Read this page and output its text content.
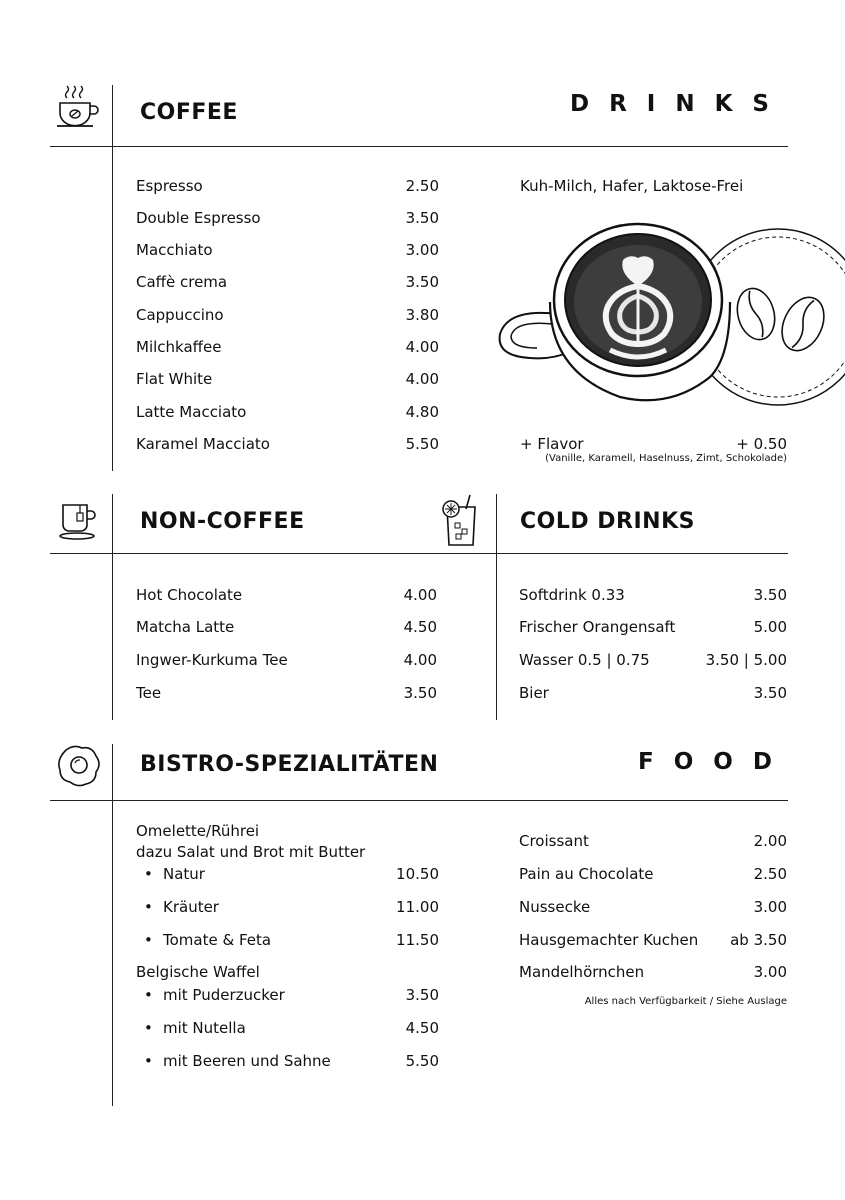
COFFEE	DRINKS
Espresso	2.50
Double Espresso	3.50
Macchiato	3.00
Caffè crema	3.50
Cappuccino	3.80
Milchkaffee	4.00
Flat White	4.00
Latte Macciato	4.80
Karamel Macciato	5.50
Kuh-Milch, Hafer, Laktose-Frei
+ Flavor	+ 0.50
(Vanille, Karamell, Haselnuss, Zimt, Schokolade)
NON-COFFEE	COLD DRINKS
Hot Chocolate	4.00
Matcha Latte	4.50
Ingwer-Kurkuma Tee	4.00
Tee	3.50
Softdrink 0.33	3.50
Frischer Orangensaft	5.00
Wasser 0.5 | 0.75	3.50 | 5.00
Bier	3.50
BISTRO-SPEZIALITÄTEN	FOOD
Omelette/Rührei
dazu Salat und Brot mit Butter
• Natur	10.50
• Kräuter	11.00
• Tomate & Feta	11.50
Belgische Waffel
• mit Puderzucker	3.50
• mit Nutella	4.50
• mit Beeren und Sahne	5.50
Croissant	2.00
Pain au Chocolate	2.50
Nussecke	3.00
Hausgemachter Kuchen	ab 3.50
Mandelhörnchen	3.00
Alles nach Verfügbarkeit / Siehe Auslage
